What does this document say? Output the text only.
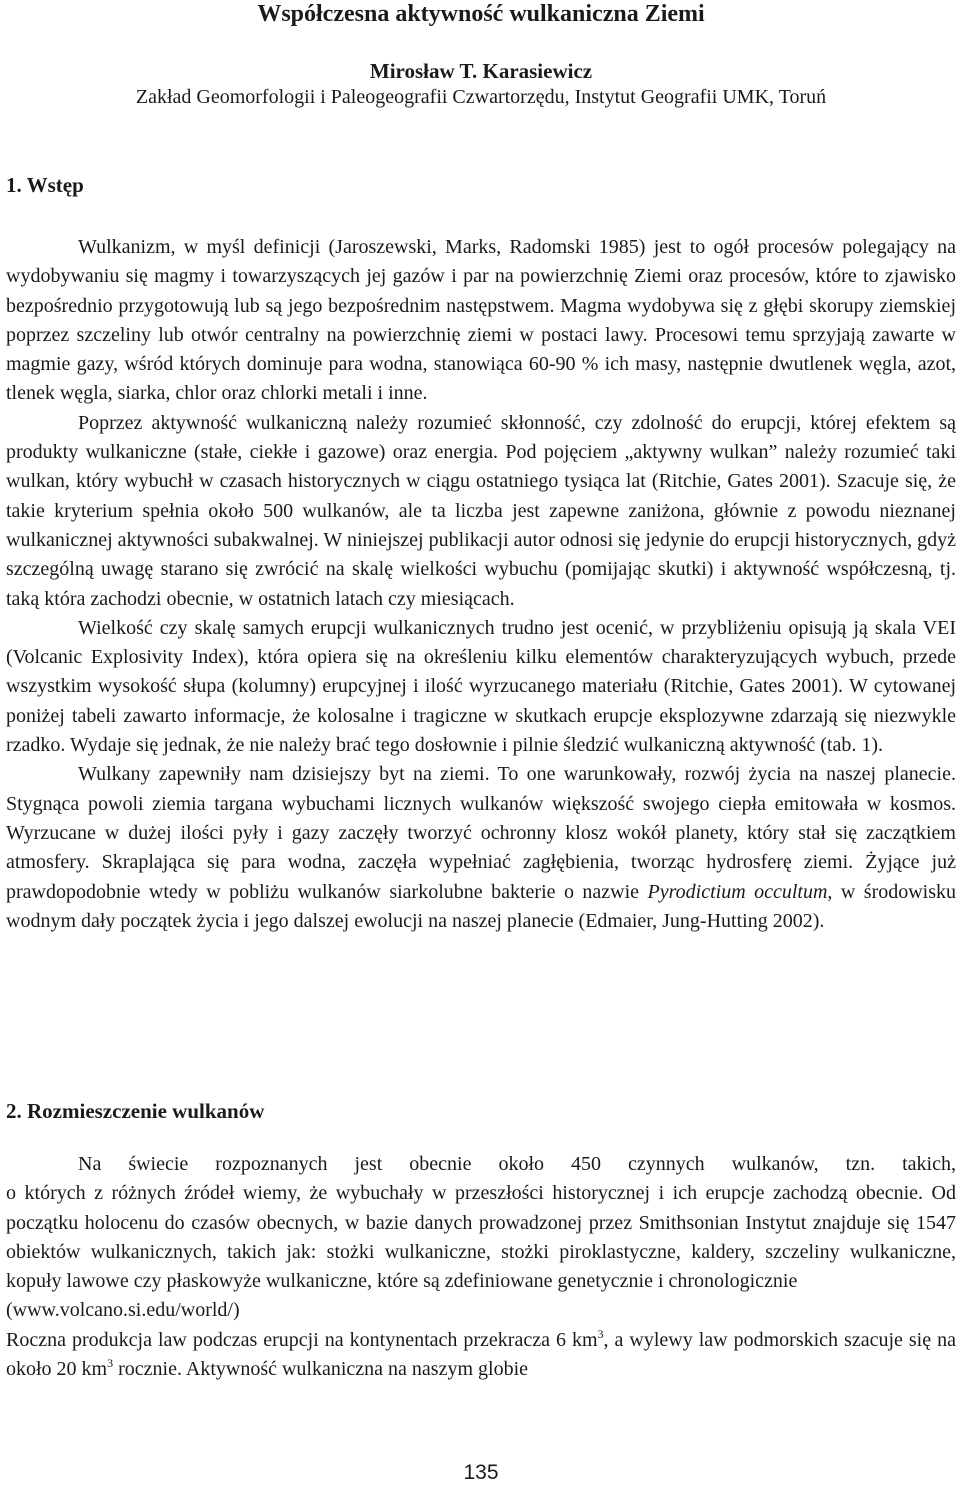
Współczesna aktywność wulkaniczna Ziemi
Mirosław T. Karasiewicz
Zakład Geomorfologii i Paleogeografii Czwartorzędu, Instytut Geografii UMK, Toruń
1. Wstęp

Wulkanizm, w myśl definicji (Jaroszewski, Marks, Radomski 1985) jest to ogół procesów polegający na wydobywaniu się magmy i towarzyszących jej gazów i par na powierzchnię Ziemi oraz procesów, które to zjawisko bezpośrednio przygotowują lub są jego bezpośrednim następstwem. Magma wydobywa się z głębi skorupy ziemskiej poprzez szczeliny lub otwór centralny na powierzchnię ziemi w postaci lawy. Procesowi temu sprzyjają zawarte w magmie gazy, wśród których dominuje para wodna, stanowiąca 60-90 % ich masy, następnie dwutlenek węgla, azot, tlenek węgla, siarka, chlor oraz chlorki metali i inne.

Poprzez aktywność wulkaniczną należy rozumieć skłonność, czy zdolność do erupcji, której efektem są produkty wulkaniczne (stałe, ciekłe i gazowe) oraz energia. Pod pojęciem „aktywny wulkan” należy rozumieć taki wulkan, który wybuchł w czasach historycznych w ciągu ostatniego tysiąca lat (Ritchie, Gates 2001). Szacuje się, że takie kryterium spełnia około 500 wulkanów, ale ta liczba jest zapewne zaniżona, głównie z powodu nieznanej wulkanicznej aktywności subakwalnej. W niniejszej publikacji autor odnosi się jedynie do erupcji historycznych, gdyż szczególną uwagę starano się zwrócić na skalę wielkości wybuchu (pomijając skutki) i aktywność współczesną, tj. taką która zachodzi obecnie, w ostatnich latach czy miesiącach.

Wielkość czy skalę samych erupcji wulkanicznych trudno jest ocenić, w przybliżeniu opisują ją skala VEI (Volcanic Explosivity Index), która opiera się na określeniu kilku elementów charakteryzujących wybuch, przede wszystkim wysokość słupa (kolumny) erupcyjnej i ilość wyrzucanego materiału (Ritchie, Gates 2001). W cytowanej poniżej tabeli zawarto informacje, że kolosalne i tragiczne w skutkach erupcje eksplozywne zdarzają się niezwykle rzadko. Wydaje się jednak, że nie należy brać tego dosłownie i pilnie śledzić wulkaniczną aktywność (tab. 1).

Wulkany zapewniły nam dzisiejszy byt na ziemi. To one warunkowały, rozwój życia na naszej planecie. Stygnąca powoli ziemia targana wybuchami licznych wulkanów większość swojego ciepła emitowała w kosmos. Wyrzucane w dużej ilości pyły i gazy zaczęły tworzyć ochronny klosz wokół planety, który stał się zaczątkiem atmosfery. Skraplająca się para wodna, zaczęła wypełniać zagłębienia, tworząc hydrosferę ziemi. Żyjące już prawdopodobnie wtedy w pobliżu wulkanów siarkolubne bakterie o nazwie Pyrodictium occultum, w środowisku wodnym dały początek życia i jego dalszej ewolucji na naszej planecie (Edmaier, Jung-Hutting 2002).

2. Rozmieszczenie wulkanów

Na świecie rozpoznanych jest obecnie około 450 czynnych wulkanów, tzn. takich,

o których z różnych źródeł wiemy, że wybuchały w przeszłości historycznej i ich erupcje zachodzą obecnie. Od początku holocenu do czasów obecnych, w bazie danych prowadzonej przez Smithsonian Instytut znajduje się 1547 obiektów wulkanicznych, takich jak: stożki wulkaniczne, stożki piroklastyczne, kaldery, szczeliny wulkaniczne, kopuły lawowe czy płaskowyże wulkaniczne, które są zdefiniowane genetycznie i chronologicznie

(www.volcano.si.edu/world/)

Roczna produkcja law podczas erupcji na kontynentach przekracza 6 $km^3$, a wylewy law podmorskich szacuje się na około 20 $km^3$ rocznie. Aktywność wulkaniczna na naszym globie

135
